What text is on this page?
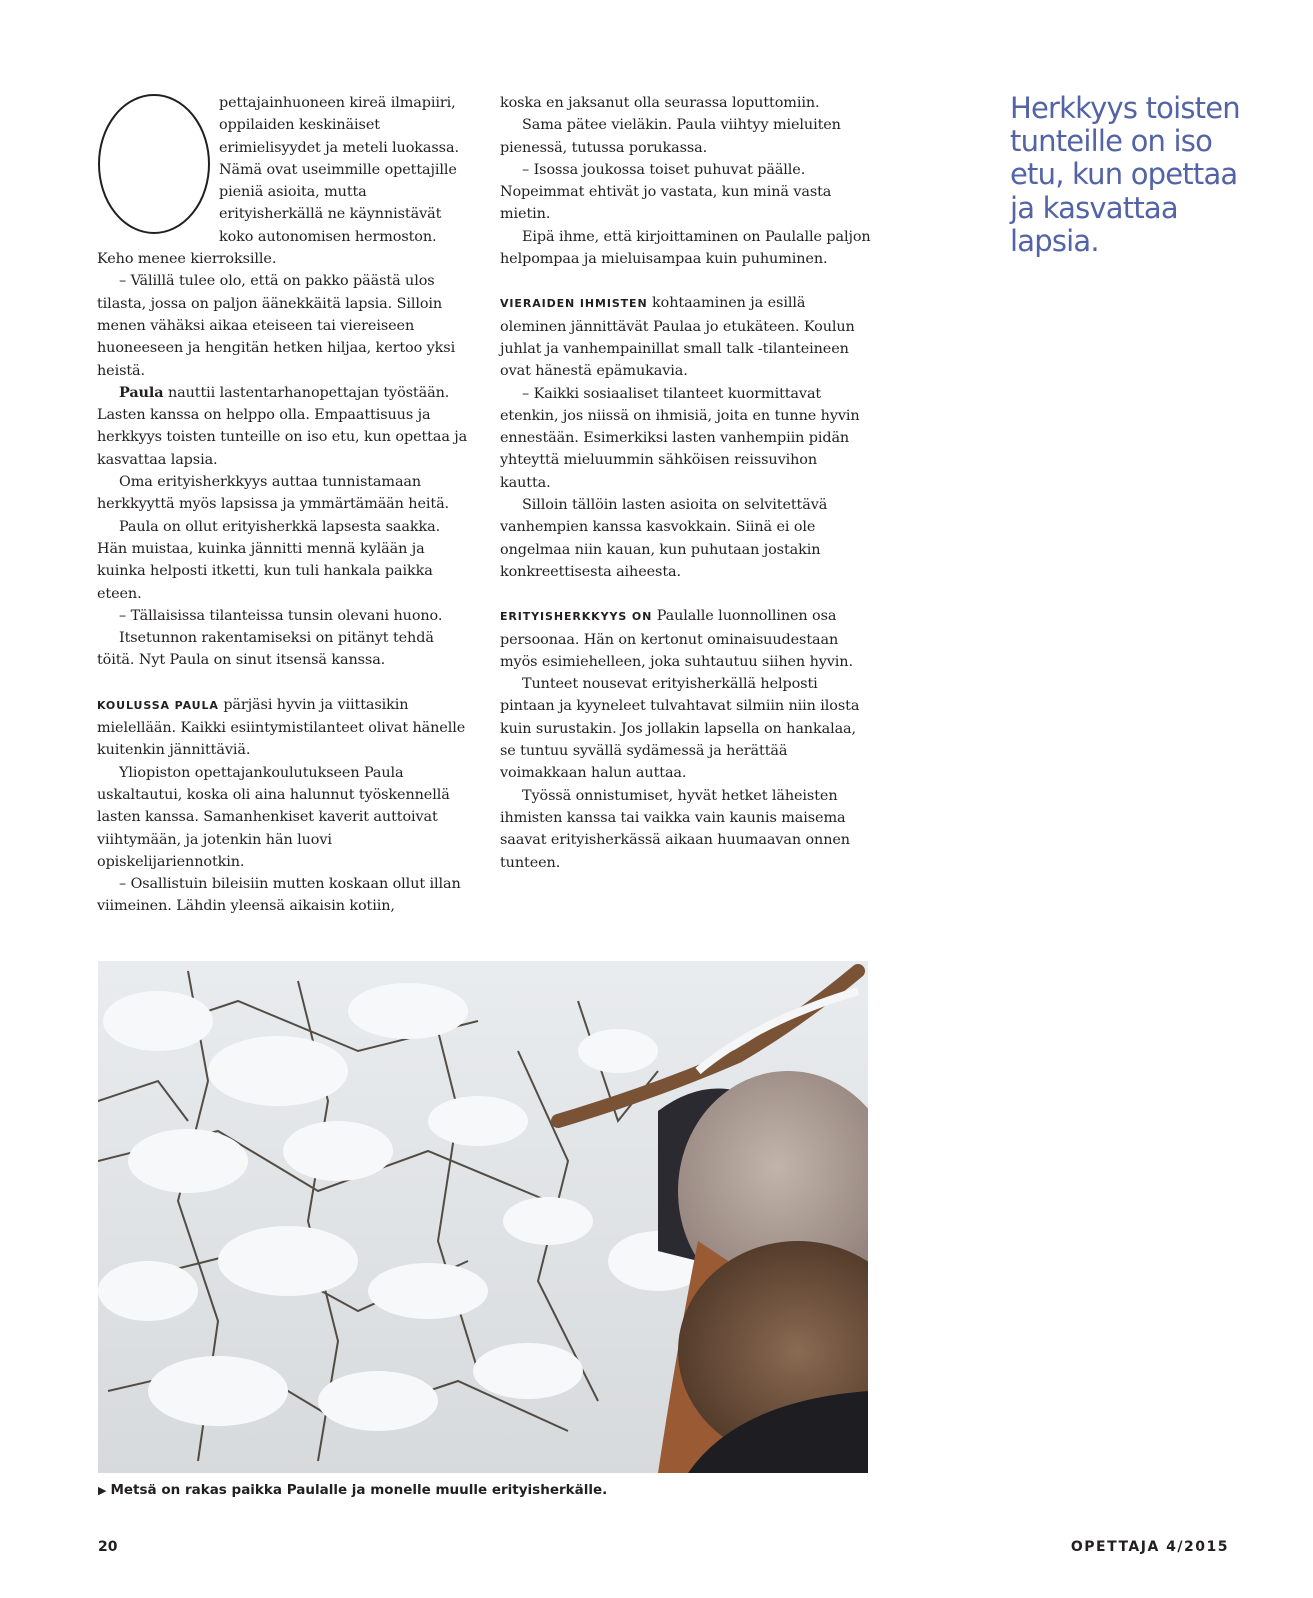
pettajainhuoneen kireä ilmapiiri, oppilaiden keskinäiset erimielisyydet ja meteli luokassa. Nämä ovat useimmille opettajille pieniä asioita, mutta erityisherkällä ne käynnistävät koko autonomisen hermoston. Keho menee kierroksille.

– Välillä tulee olo, että on pakko päästä ulos tilasta, jossa on paljon äänekkäitä lapsia. Silloin menen vähäksi aikaa eteiseen tai viereiseen huoneeseen ja hengitän hetken hiljaa, kertoo yksi heistä.

Paula nauttii lastentarhanopettajan työstään. Lasten kanssa on helppo olla. Empaattisuus ja herkkyys toisten tunteille on iso etu, kun opettaa ja kasvattaa lapsia.

Oma erityisherkkyys auttaa tunnistamaan herkkyyttä myös lapsissa ja ymmärtämään heitä.

Paula on ollut erityisherkkä lapsesta saakka. Hän muistaa, kuinka jännitti mennä kylään ja kuinka helposti itketti, kun tuli hankala paikka eteen.

– Tällaisissa tilanteissa tunsin olevani huono.

Itsetunnon rakentamiseksi on pitänyt tehdä töitä. Nyt Paula on sinut itsensä kanssa.

KOULUSSA PAULA pärjäsi hyvin ja viittasikin mielellään. Kaikki esiintymistilanteet olivat hänelle kuitenkin jännittäviä.

Yliopiston opettajankoulutukseen Paula uskaltautui, koska oli aina halunnut työskennellä lasten kanssa. Samanhenkiset kaverit auttoivat viihtymään, ja jotenkin hän luovi opiskelijariennotkin.

– Osallistuin bileisiin mutten koskaan ollut illan viimeinen. Lähdin yleensä aikaisin kotiin,

koska en jaksanut olla seurassa loputtomiin.

Sama pätee vieläkin. Paula viihtyy mieluiten pienessä, tutussa porukassa.

– Isossa joukossa toiset puhuvat päälle. Nopeimmat ehtivät jo vastata, kun minä vasta mietin.

Eipä ihme, että kirjoittaminen on Paulalle paljon helpompaa ja mieluisampaa kuin puhuminen.

VIERAIDEN IHMISTEN kohtaaminen ja esillä oleminen jännittävät Paulaa jo etukäteen. Koulun juhlat ja vanhempainillat small talk -tilanteineen ovat hänestä epämukavia.

– Kaikki sosiaaliset tilanteet kuormittavat etenkin, jos niissä on ihmisiä, joita en tunne hyvin ennestään. Esimerkiksi lasten vanhempiin pidän yhteyttä mieluummin sähköisen reissuvihon kautta.

Silloin tällöin lasten asioita on selvitettävä vanhempien kanssa kasvokkain. Siinä ei ole ongelmaa niin kauan, kun puhutaan jostakin konkreettisesta aiheesta.

ERITYISHERKKYYS ON Paulalle luonnollinen osa persoonaa. Hän on kertonut ominaisuudestaan myös esimiehelleen, joka suhtautuu siihen hyvin.

Tunteet nousevat erityisherkällä helposti pintaan ja kyyneleet tulvahtavat silmiin niin ilosta kuin surustakin. Jos jollakin lapsella on hankalaa, se tuntuu syvällä sydämessä ja herättää voimakkaan halun auttaa.

Työssä onnistumiset, hyvät hetket läheisten ihmisten kanssa tai vaikka vain kaunis maisema saavat erityisherkässä aikaan huumaavan onnen tunteen.

Herkkyys toisten tunteille on iso etu, kun opettaa ja kasvattaa lapsia.
▶ Metsä on rakas paikka Paulalle ja monelle muulle erityisherkälle.
20	OPETTAJA 4/2015
